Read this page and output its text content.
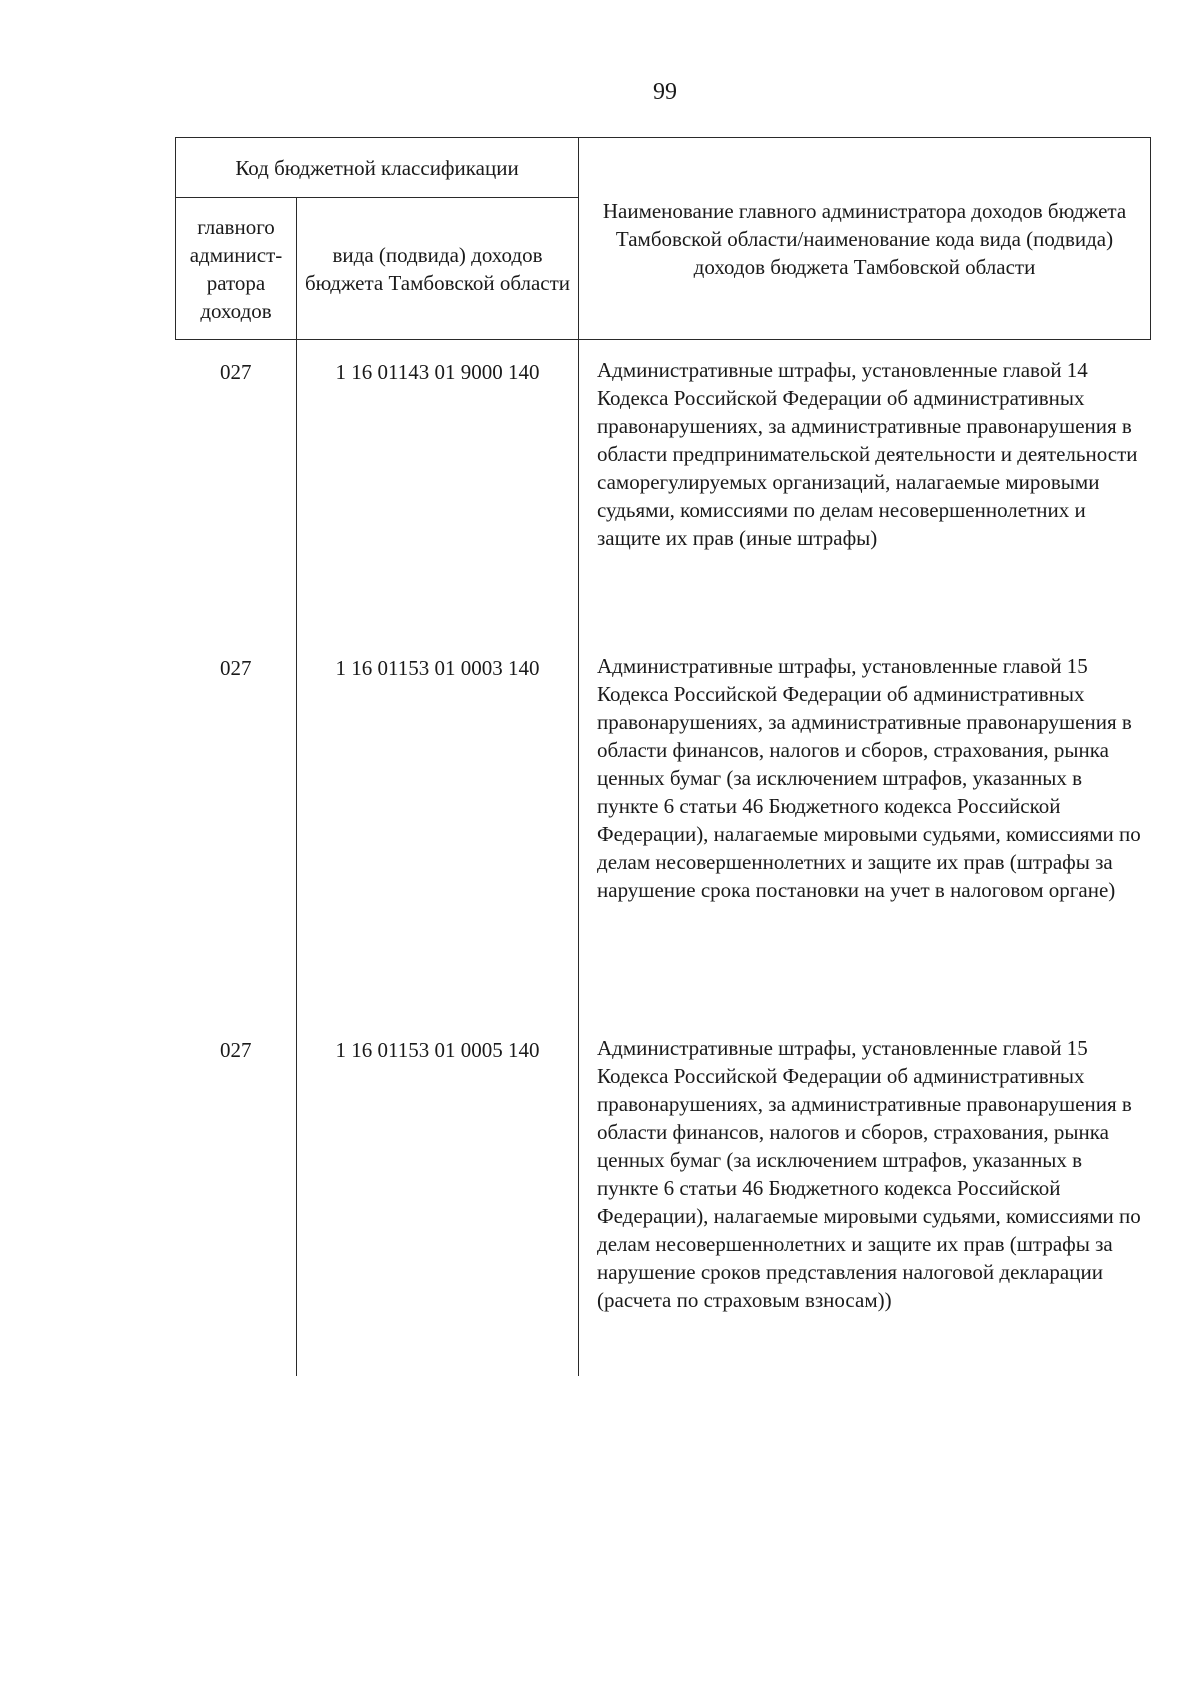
99
Код бюджетной классификации		Наименование главного администратора доходов бюджета Тамбовской области/наименование кода вида (подвида) доходов бюджета Тамбовской области
главного админист-ратора доходов	вида (подвида) доходов бюджета Тамбовской области	
027	1 16 01143 01 9000 140	Административные штрафы, установленные главой 14 Кодекса Российской Федерации об административных правонарушениях, за административные правонарушения в области предпринимательской деятельности и деятельности саморегулируемых организаций, налагаемые мировыми судьями, комиссиями по делам несовершеннолетних и защите их прав (иные штрафы)
027	1 16 01153 01 0003 140	Административные штрафы, установленные главой 15 Кодекса Российской Федерации об административных правонарушениях, за административные правонарушения в области финансов, налогов и сборов, страхования, рынка ценных бумаг (за исключением штрафов, указанных в пункте 6 статьи 46 Бюджетного кодекса Российской Федерации), налагаемые мировыми судьями, комиссиями по делам несовершеннолетних и защите их прав (штрафы за нарушение срока постановки на учет в налоговом органе)
027	1 16 01153 01 0005 140	Административные штрафы, установленные главой 15 Кодекса Российской Федерации об административных правонарушениях, за административные правонарушения в области финансов, налогов и сборов, страхования, рынка ценных бумаг (за исключением штрафов, указанных в пункте 6 статьи 46 Бюджетного кодекса Российской Федерации), налагаемые мировыми судьями, комиссиями по делам несовершеннолетних и защите их прав (штрафы за нарушение сроков представления налоговой декларации (расчета по страховым взносам))
